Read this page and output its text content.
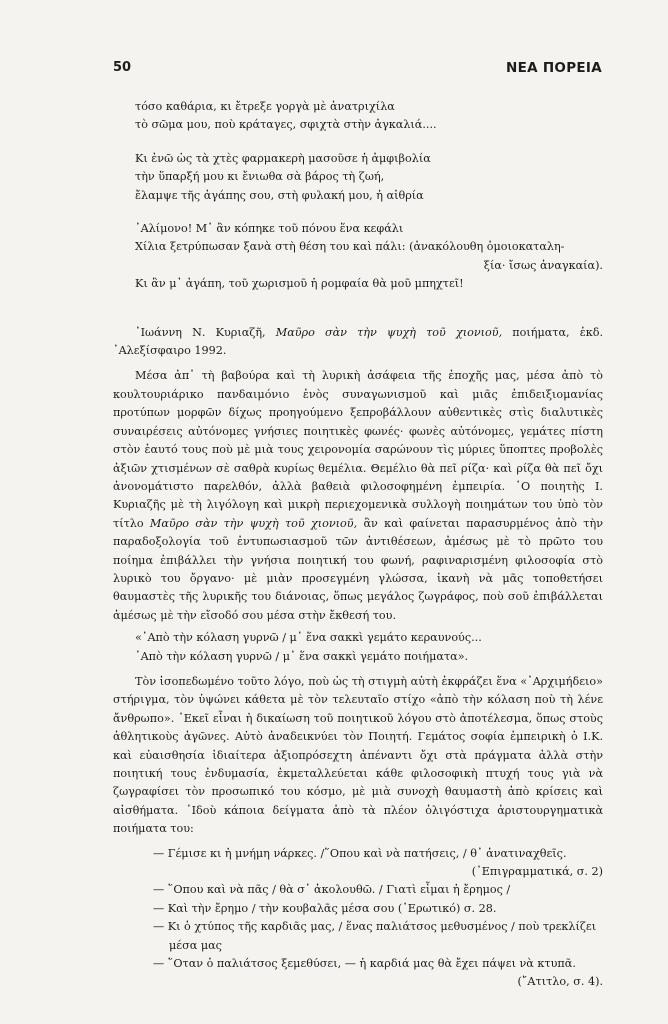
50	ΝΕΑ ΠΟΡΕΙΑ
τόσο καθάρια, κι ἔτρεξε γοργὰ μὲ ἀνατριχίλα
τὸ σῶμα μου, ποὺ κράταγες, σφιχτὰ στὴν ἀγκαλιά....
Κι ἐνῶ ὡς τὰ χτὲς φαρμακερὴ μασοῦσε ἡ ἀμφιβολία
τὴν ὕπαρξή μου κι ἔνιωθα σὰ βάρος τὴ ζωή,
ἔλαμψε τῆς ἀγάπης σου, στὴ φυλακή μου, ἡ αἰθρία
᾿Αλίμονο! Μ᾿ ἂν κόπηκε τοῦ πόνου ἕνα κεφάλι
Χίλια ξετρύπωσαν ξανὰ στὴ θέση του καὶ πάλι: (ἀνακόλουθη ὁμοιοκαταλη-
ξία· ἴσως ἀναγκαία).
Κι ἂν μ᾿ ἀγάπη, τοῦ χωρισμοῦ ἡ ρομφαία θὰ μοῦ μπηχτεῖ!
᾿Ιωάννη Ν. Κυριαζῆ, Μαῦρο σὰν τὴν ψυχὴ τοῦ χιονιοῦ, ποιήματα, ἐκδ. ᾿Αλεξίσφαιρο 1992.
Μέσα ἀπ᾿ τὴ βαβούρα καὶ τὴ λυρικὴ ἀσάφεια τῆς ἐποχῆς μας, μέσα ἀπὸ τὸ κουλτουριάρικο πανδαιμόνιο ἑνὸς συναγωνισμοῦ καὶ μιᾶς ἐπιδειξιομανίας προτύπων μορφῶν δίχως προηγούμενο ξεπροβάλλουν αὐθεντικὲς στὶς διαλυτικὲς συναιρέσεις αὐτόνομες γνήσιες ποιητικὲς φωνές· φωνὲς αὐτόνομες, γεμάτες πίστη στὸν ἑαυτό τους ποὺ μὲ μιὰ τους χειρονομία σαρώνουν τὶς μύριες ὕποπτες προβολὲς ἀξιῶν χτισμένων σὲ σαθρὰ κυρίως θεμέλια. Θεμέλιο θὰ πεῖ ρίζα· καὶ ρίζα θὰ πεῖ ὄχι ἀνονομάτιστο παρελθόν, ἀλλὰ βαθειὰ φιλοσοφημένη ἐμπειρία. ῾Ο ποιητὴς Ι. Κυριαζῆς μὲ τὴ λιγόλογη καὶ μικρὴ περιεχομενικὰ συλλογὴ ποιημάτων του ὑπὸ τὸν τίτλο Μαῦρο σὰν τὴν ψυχὴ τοῦ χιονιοῦ, ἂν καὶ φαίνεται παρασυρμένος ἀπὸ τὴν παραδοξολογία τοῦ ἐντυπωσιασμοῦ τῶν ἀντιθέσεων, ἀμέσως μὲ τὸ πρῶτο του ποίημα ἐπιβάλλει τὴν γνήσια ποιητική του φωνή, ραφιναρισμένη φιλοσοφία στὸ λυρικὸ του ὄργανο· μὲ μιὰν προσεγμένη γλώσσα, ἱκανὴ νὰ μᾶς τοποθετήσει θαυμαστὲς τῆς λυρικῆς του διάνοιας, ὅπως μεγάλος ζωγράφος, ποὺ σοῦ ἐπιβάλλεται ἀμέσως μὲ τὴν εἴσοδό σου μέσα στὴν ἔκθεσή του.
«᾿Απὸ τὴν κόλαση γυρνῶ / μ᾿ ἕνα σακκὶ γεμάτο κεραυνούς...
᾿Απὸ τὴν κόλαση γυρνῶ / μ᾿ ἕνα σακκὶ γεμάτο ποιήματα».
Τὸν ἰσοπεδωμένο τοῦτο λόγο, ποὺ ὡς τὴ στιγμὴ αὐτὴ ἐκφράζει ἕνα «᾿Αρχιμήδειο» στήριγμα, τὸν ὑψώνει κάθετα μὲ τὸν τελευταῖο στίχο «ἀπὸ τὴν κόλαση ποὺ τὴ λένε ἄνθρωπο». ᾿Εκεῖ εἶναι ἡ δικαίωση τοῦ ποιητικοῦ λόγου στὸ ἀποτέλεσμα, ὅπως στοὺς ἀθλητικοὺς ἀγῶνες. Αὐτὸ ἀναδεικνύει τὸν Ποιητή. Γεμάτος σοφία ἐμπειρικὴ ὁ Ι.Κ. καὶ εὐαισθησία ἰδιαίτερα ἀξιοπρόσεχτη ἀπέναντι ὄχι στὰ πράγματα ἀλλὰ στὴν ποιητική τους ἐνδυμασία, ἐκμεταλλεύεται κάθε φιλοσοφικὴ πτυχή τους γιὰ νὰ ζωγραφίσει τὸν προσωπικό του κόσμο, μὲ μιὰ συνοχὴ θαυμαστὴ ἀπὸ κρίσεις καὶ αἰσθήματα. ᾿Ιδοὺ κάποια δείγματα ἀπὸ τὰ πλέον ὀλιγόστιχα ἀριστουργηματικὰ ποιήματα του:
— Γέμισε κι ἡ μνήμη νάρκες. /῞Οπου καὶ νὰ πατήσεις, / θ᾿ ἀνατιναχθεῖς.
(᾿Επιγραμματικά, σ. 2)
— ῞Οπου καὶ νὰ πᾶς / θὰ σ᾿ ἀκολουθῶ. / Γιατὶ εἶμαι ἡ ἔρημος /
— Καὶ τὴν ἔρημο / τὴν κουβαλᾶς μέσα σου (᾿Ερωτικό) σ. 28.
— Κι ὁ χτύπος τῆς καρδιᾶς μας, / ἕνας παλιάτσος μεθυσμένος / ποὺ τρεκλίζει
μέσα μας
— ῞Οταν ὁ παλιάτσος ξεμεθύσει, — ἡ καρδιά μας θὰ ἔχει πάψει νὰ κτυπᾶ.
(῎Ατιτλο, σ. 4).
